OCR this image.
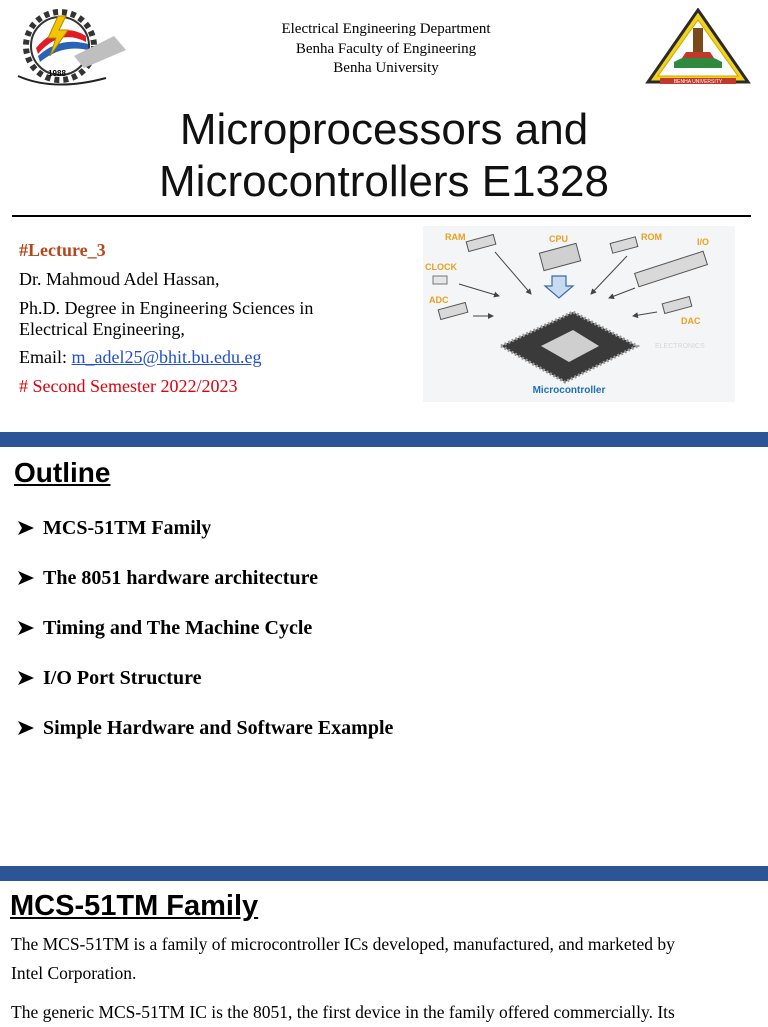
1988
Electrical Engineering Department
Benha Faculty of Engineering
Benha University
BENHA UNIVERSITY
Microprocessors and
Microcontrollers E1328
#Lecture_3
Dr. Mahmoud Adel Hassan,
Ph.D. Degree in Engineering Sciences in
Electrical Engineering,
Email: m_adel25@bhit.bu.edu.eg
# Second Semester 2022/2023
RAM	CPU	ROM	I/O
CLOCK
ADC
DAC
Microcontroller
ELECTRONICS
Outline
MCS-51TM Family
The 8051 hardware architecture
Timing and The Machine Cycle
I/O Port Structure
Simple Hardware and Software Example
MCS-51TM Family
The MCS-51TM is a family of microcontroller ICs developed, manufactured, and marketed by
Intel Corporation.
The generic MCS-51TM IC is the 8051, the first device in the family offered commercially. Its
